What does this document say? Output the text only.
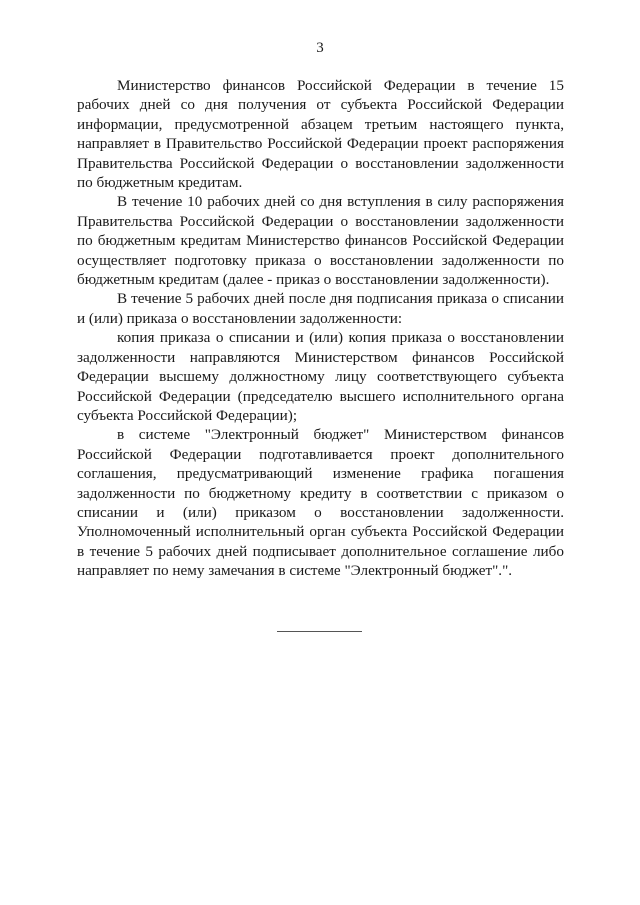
3

Министерство финансов Российской Федерации в течение 15 рабочих дней со дня получения от субъекта Российской Федерации информации, предусмотренной абзацем третьим настоящего пункта, направляет в Правительство Российской Федерации проект распоряжения Правительства Российской Федерации о восстановлении задолженности по бюджетным кредитам.

В течение 10 рабочих дней со дня вступления в силу распоряжения Правительства Российской Федерации о восстановлении задолженности по бюджетным кредитам Министерство финансов Российской Федерации осуществляет подготовку приказа о восстановлении задолженности по бюджетным кредитам (далее - приказ о восстановлении задолженности).

В течение 5 рабочих дней после дня подписания приказа о списании и (или) приказа о восстановлении задолженности:

копия приказа о списании и (или) копия приказа о восстановлении задолженности направляются Министерством финансов Российской Федерации высшему должностному лицу соответствующего субъекта Российской Федерации (председателю высшего исполнительного органа субъекта Российской Федерации);

в системе "Электронный бюджет" Министерством финансов Российской Федерации подготавливается проект дополнительного соглашения, предусматривающий изменение графика погашения задолженности по бюджетному кредиту в соответствии с приказом о списании и (или) приказом о восстановлении задолженности. Уполномоченный исполнительный орган субъекта Российской Федерации в течение 5 рабочих дней подписывает дополнительное соглашение либо направляет по нему замечания в системе "Электронный бюджет".".
